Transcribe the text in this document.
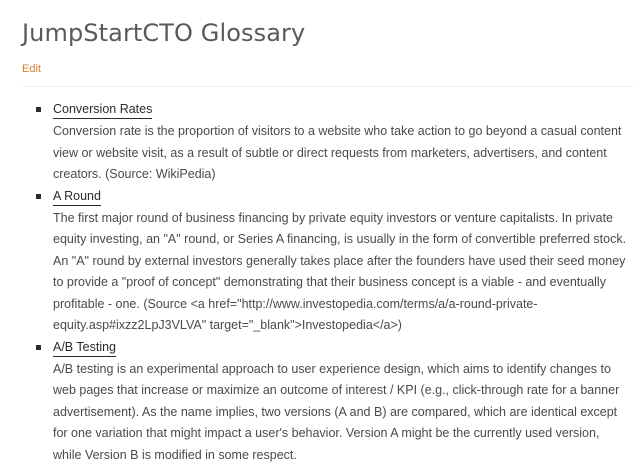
JumpStartCTO Glossary
Edit
Conversion Rates
Conversion rate is the proportion of visitors to a website who take action to go beyond a casual content view or website visit, as a result of subtle or direct requests from marketers, advertisers, and content creators. (Source: WikiPedia)
A Round
The first major round of business financing by private equity investors or venture capitalists. In private equity investing, an "A" round, or Series A financing, is usually in the form of convertible preferred stock. An "A" round by external investors generally takes place after the founders have used their seed money to provide a "proof of concept" demonstrating that their business concept is a viable - and eventually profitable - one. (Source <a href="http://www.investopedia.com/terms/a/a-round-private-equity.asp#ixzz2LpJ3VLVA" target="_blank">Investopedia</a>)
A/B Testing
A/B testing is an experimental approach to user experience design, which aims to identify changes to web pages that increase or maximize an outcome of interest / KPI (e.g., click-through rate for a banner advertisement). As the name implies, two versions (A and B) are compared, which are identical except for one variation that might impact a user's behavior. Version A might be the currently used version, while Version B is modified in some respect.
